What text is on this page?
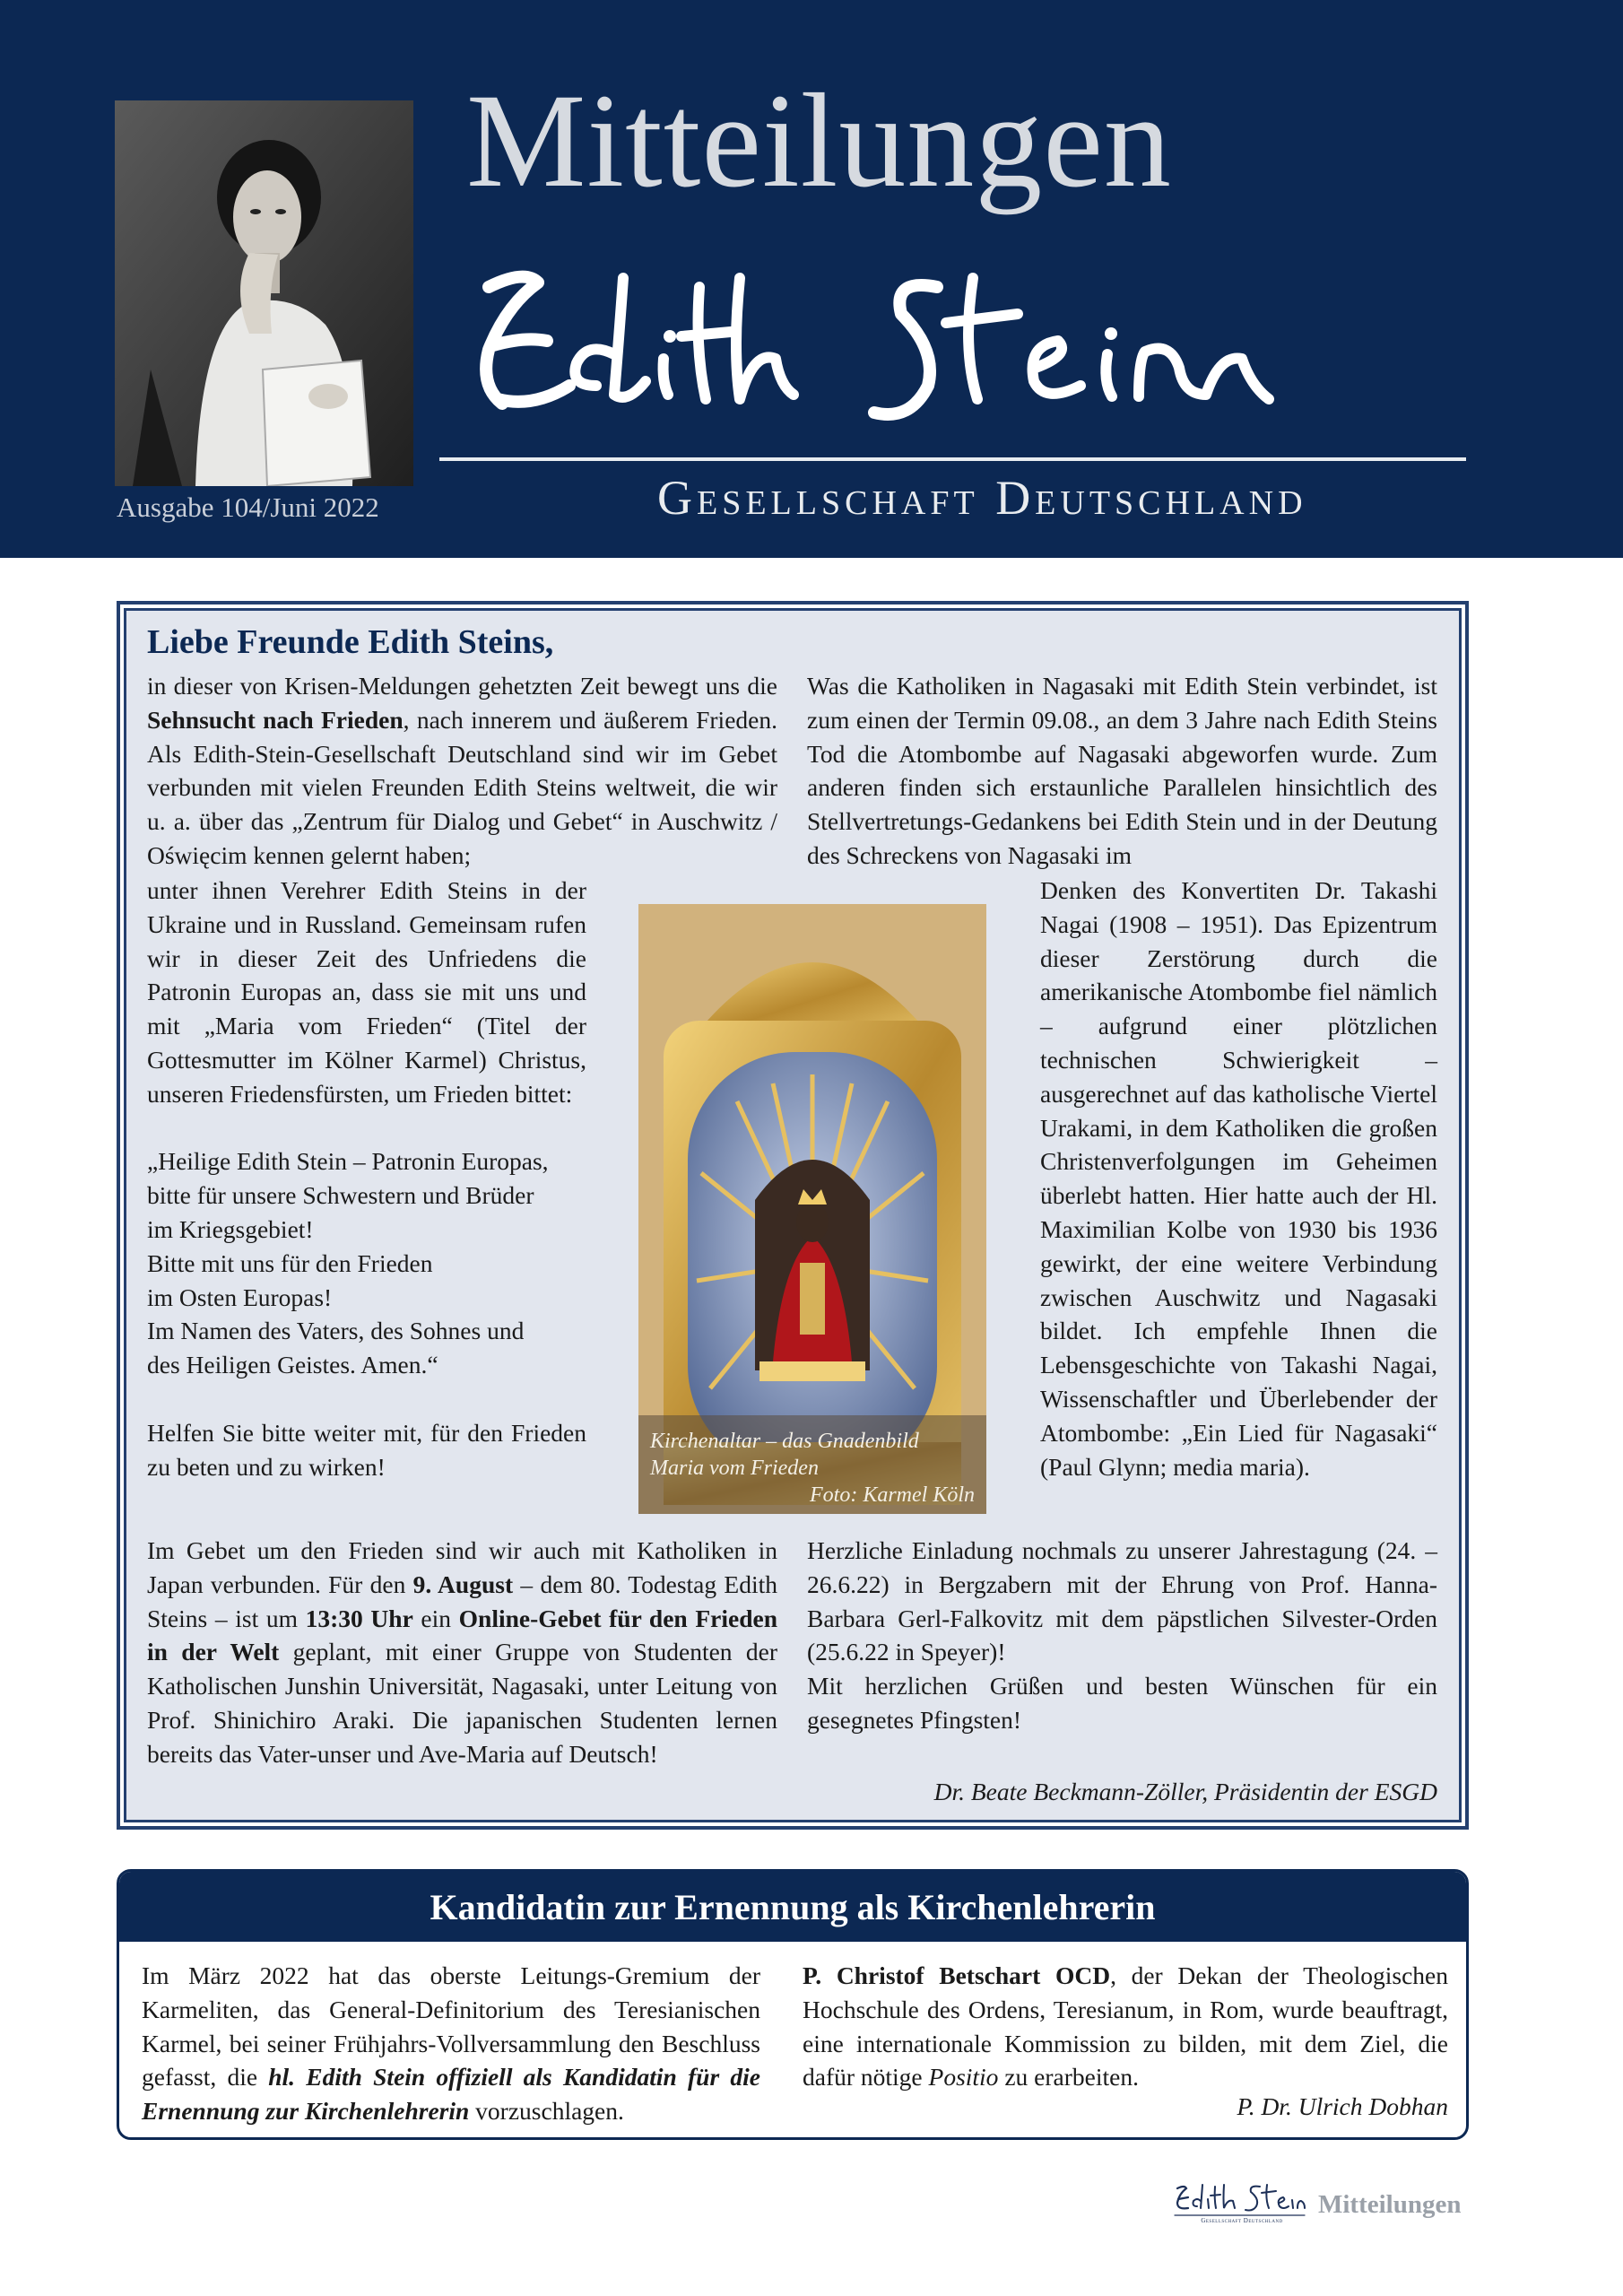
Ausgabe 104/Juni 2022
Mitteilungen
Gesellschaft Deutschland
Liebe Freunde Edith Steins,
in dieser von Krisen-Meldungen gehetzten Zeit bewegt uns die Sehnsucht nach Frieden, nach innerem und äußerem Frieden. Als Edith-Stein-Gesellschaft Deutschland sind wir im Gebet verbunden mit vielen Freunden Edith Steins weltweit, die wir u. a. über das „Zentrum für Dialog und Gebet“ in Auschwitz / Oświęcim kennen gelernt haben;

unter ihnen Verehrer Edith Steins in der Ukraine und in Russland. Gemeinsam rufen wir in dieser Zeit des Unfriedens die Patronin Europas an, dass sie mit uns und mit „Maria vom Frieden“ (Titel der Gottesmutter im Kölner Karmel) Christus, unseren Friedensfürsten, um Frieden bittet:

„Heilige Edith Stein – Patronin Europas,
bitte für unsere Schwestern und Brüder
im Kriegsgebiet!
Bitte mit uns für den Frieden
im Osten Europas!
Im Namen des Vaters, des Sohnes und
des Heiligen Geistes. Amen.“

Helfen Sie bitte weiter mit, für den Frieden zu beten und zu wirken!

Was die Katholiken in Nagasaki mit Edith Stein verbindet, ist zum einen der Termin 09.08., an dem 3 Jahre nach Edith Steins Tod die Atombombe auf Nagasaki abgeworfen wurde. Zum anderen finden sich erstaunliche Parallelen hinsichtlich des Stellvertretungs-Gedankens bei Edith Stein und in der Deutung des Schreckens von Nagasaki im
Denken des Konvertiten Dr. Takashi Nagai (1908 – 1951). Das Epizentrum dieser Zerstörung durch die amerikanische Atombombe fiel nämlich – aufgrund einer plötzlichen technischen Schwierigkeit – ausgerechnet auf das katholische Viertel Urakami, in dem Katholiken die großen Christenverfolgungen im Geheimen überlebt hatten. Hier hatte auch der Hl. Maximilian Kolbe von 1930 bis 1936 gewirkt, der eine weitere Verbindung zwischen Auschwitz und Nagasaki bildet. Ich empfehle Ihnen die Lebensgeschichte von Takashi Nagai, Wissenschaftler und Überlebender der Atombombe: „Ein Lied für Nagasaki“ (Paul Glynn; media maria).
Kirchenaltar – das Gnadenbild
Maria vom Frieden

Foto: Karmel Köln
Im Gebet um den Frieden sind wir auch mit Katholiken in Japan verbunden. Für den 9. August – dem 80. Todestag Edith Steins – ist um 13:30 Uhr ein Online-Gebet für den Frieden in der Welt geplant, mit einer Gruppe von Studenten der Katholischen Junshin Universität, Nagasaki, unter Leitung von Prof. Shinichiro Araki. Die japanischen Studenten lernen bereits das Vater-unser und Ave-Maria auf Deutsch!

Herzliche Einladung nochmals zu unserer Jahrestagung (24. – 26.6.22) in Bergzabern mit der Ehrung von Prof. Hanna-Barbara Gerl-Falkovitz mit dem päpstlichen Silvester-Orden (25.6.22 in Speyer)!

Mit herzlichen Grüßen und besten Wünschen für ein gesegnetes Pfingsten!

Dr. Beate Beckmann-Zöller, Präsidentin der ESGD
Kandidatin zur Ernennung als Kirchenlehrerin
Im März 2022 hat das oberste Leitungs-Gremium der Karmeliten, das General-Definitorium des Teresianischen Karmel, bei seiner Frühjahrs-Vollversammlung den Beschluss gefasst, die hl. Edith Stein offiziell als Kandidatin für die Ernennung zur Kirchenlehrerin vorzuschlagen.
P. Christof Betschart OCD, der Dekan der Theologischen Hochschule des Ordens, Teresianum, in Rom, wurde beauftragt, eine internationale Kommission zu bilden, mit dem Ziel, die dafür nötige Positio zu erarbeiten.
P. Dr. Ulrich Dobhan
Gesellschaft Deutschland
Mitteilungen
